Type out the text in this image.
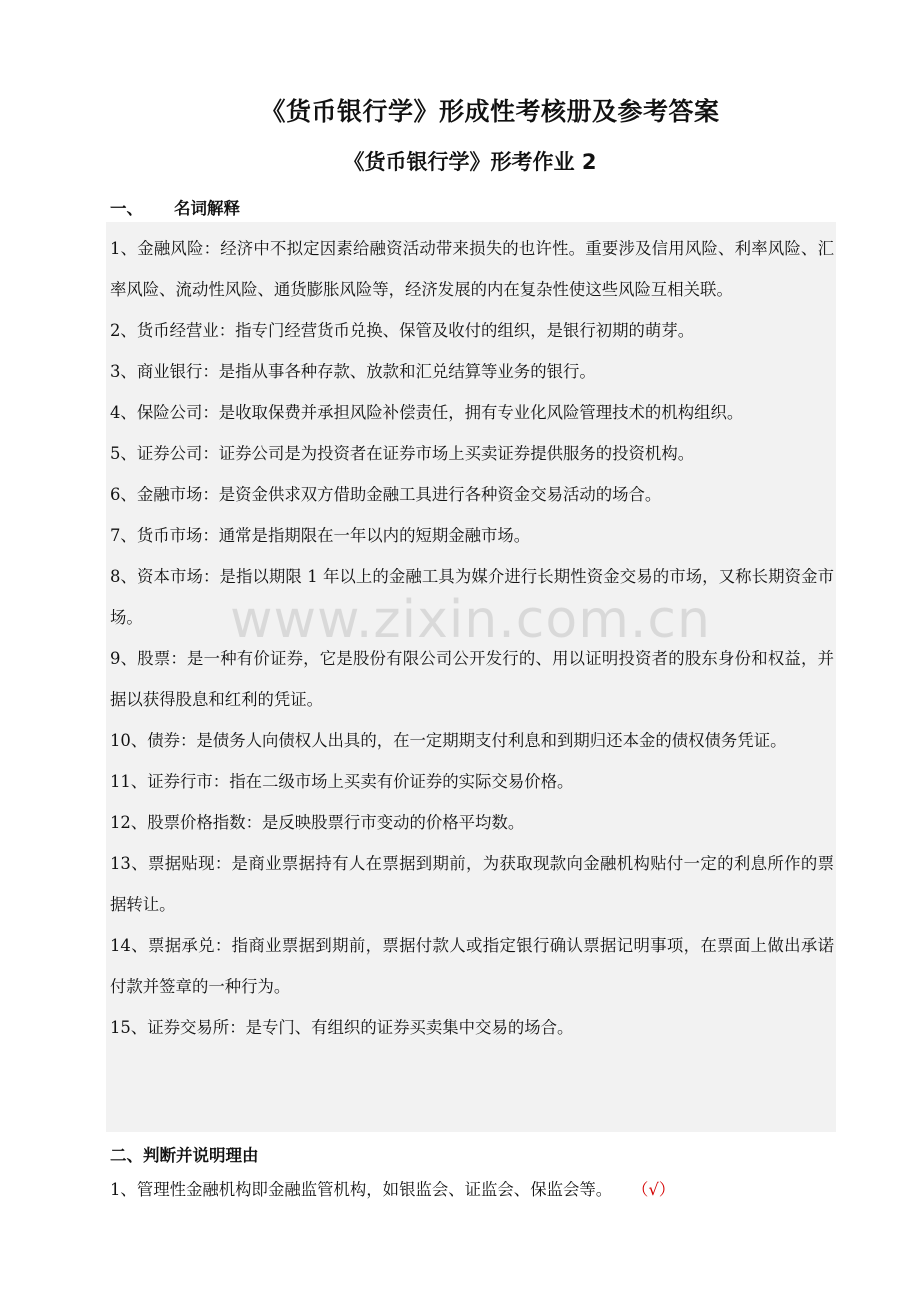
《货币银行学》形成性考核册及参考答案
《货币银行学》形考作业 2
一、 名词解释

1、金融风险：经济中不拟定因素给融资活动带来损失的也许性。重要涉及信用风险、利率风险、汇率风险、流动性风险、通货膨胀风险等，经济发展的内在复杂性使这些风险互相关联。

2、货币经营业：指专门经营货币兑换、保管及收付的组织，是银行初期的萌芽。

3、商业银行：是指从事各种存款、放款和汇兑结算等业务的银行。

4、保险公司：是收取保费并承担风险补偿责任，拥有专业化风险管理技术的机构组织。

5、证券公司：证券公司是为投资者在证券市场上买卖证券提供服务的投资机构。

6、金融市场：是资金供求双方借助金融工具进行各种资金交易活动的场合。

7、货币市场：通常是指期限在一年以内的短期金融市场。

8、资本市场：是指以期限 1 年以上的金融工具为媒介进行长期性资金交易的市场，又称长期资金市场。

9、股票：是一种有价证券，它是股份有限公司公开发行的、用以证明投资者的股东身份和权益，并据以获得股息和红利的凭证。

10、债券：是债务人向债权人出具的，在一定期期支付利息和到期归还本金的债权债务凭证。

11、证券行市：指在二级市场上买卖有价证券的实际交易价格。

12、股票价格指数：是反映股票行市变动的价格平均数。

13、票据贴现：是商业票据持有人在票据到期前，为获取现款向金融机构贴付一定的利息所作的票据转让。

14、票据承兑：指商业票据到期前，票据付款人或指定银行确认票据记明事项，在票面上做出承诺付款并签章的一种行为。

15、证券交易所：是专门、有组织的证券买卖集中交易的场合。

二、判断并说明理由
1、管理性金融机构即金融监管机构，如银监会、证监会、保监会等。 （√）
